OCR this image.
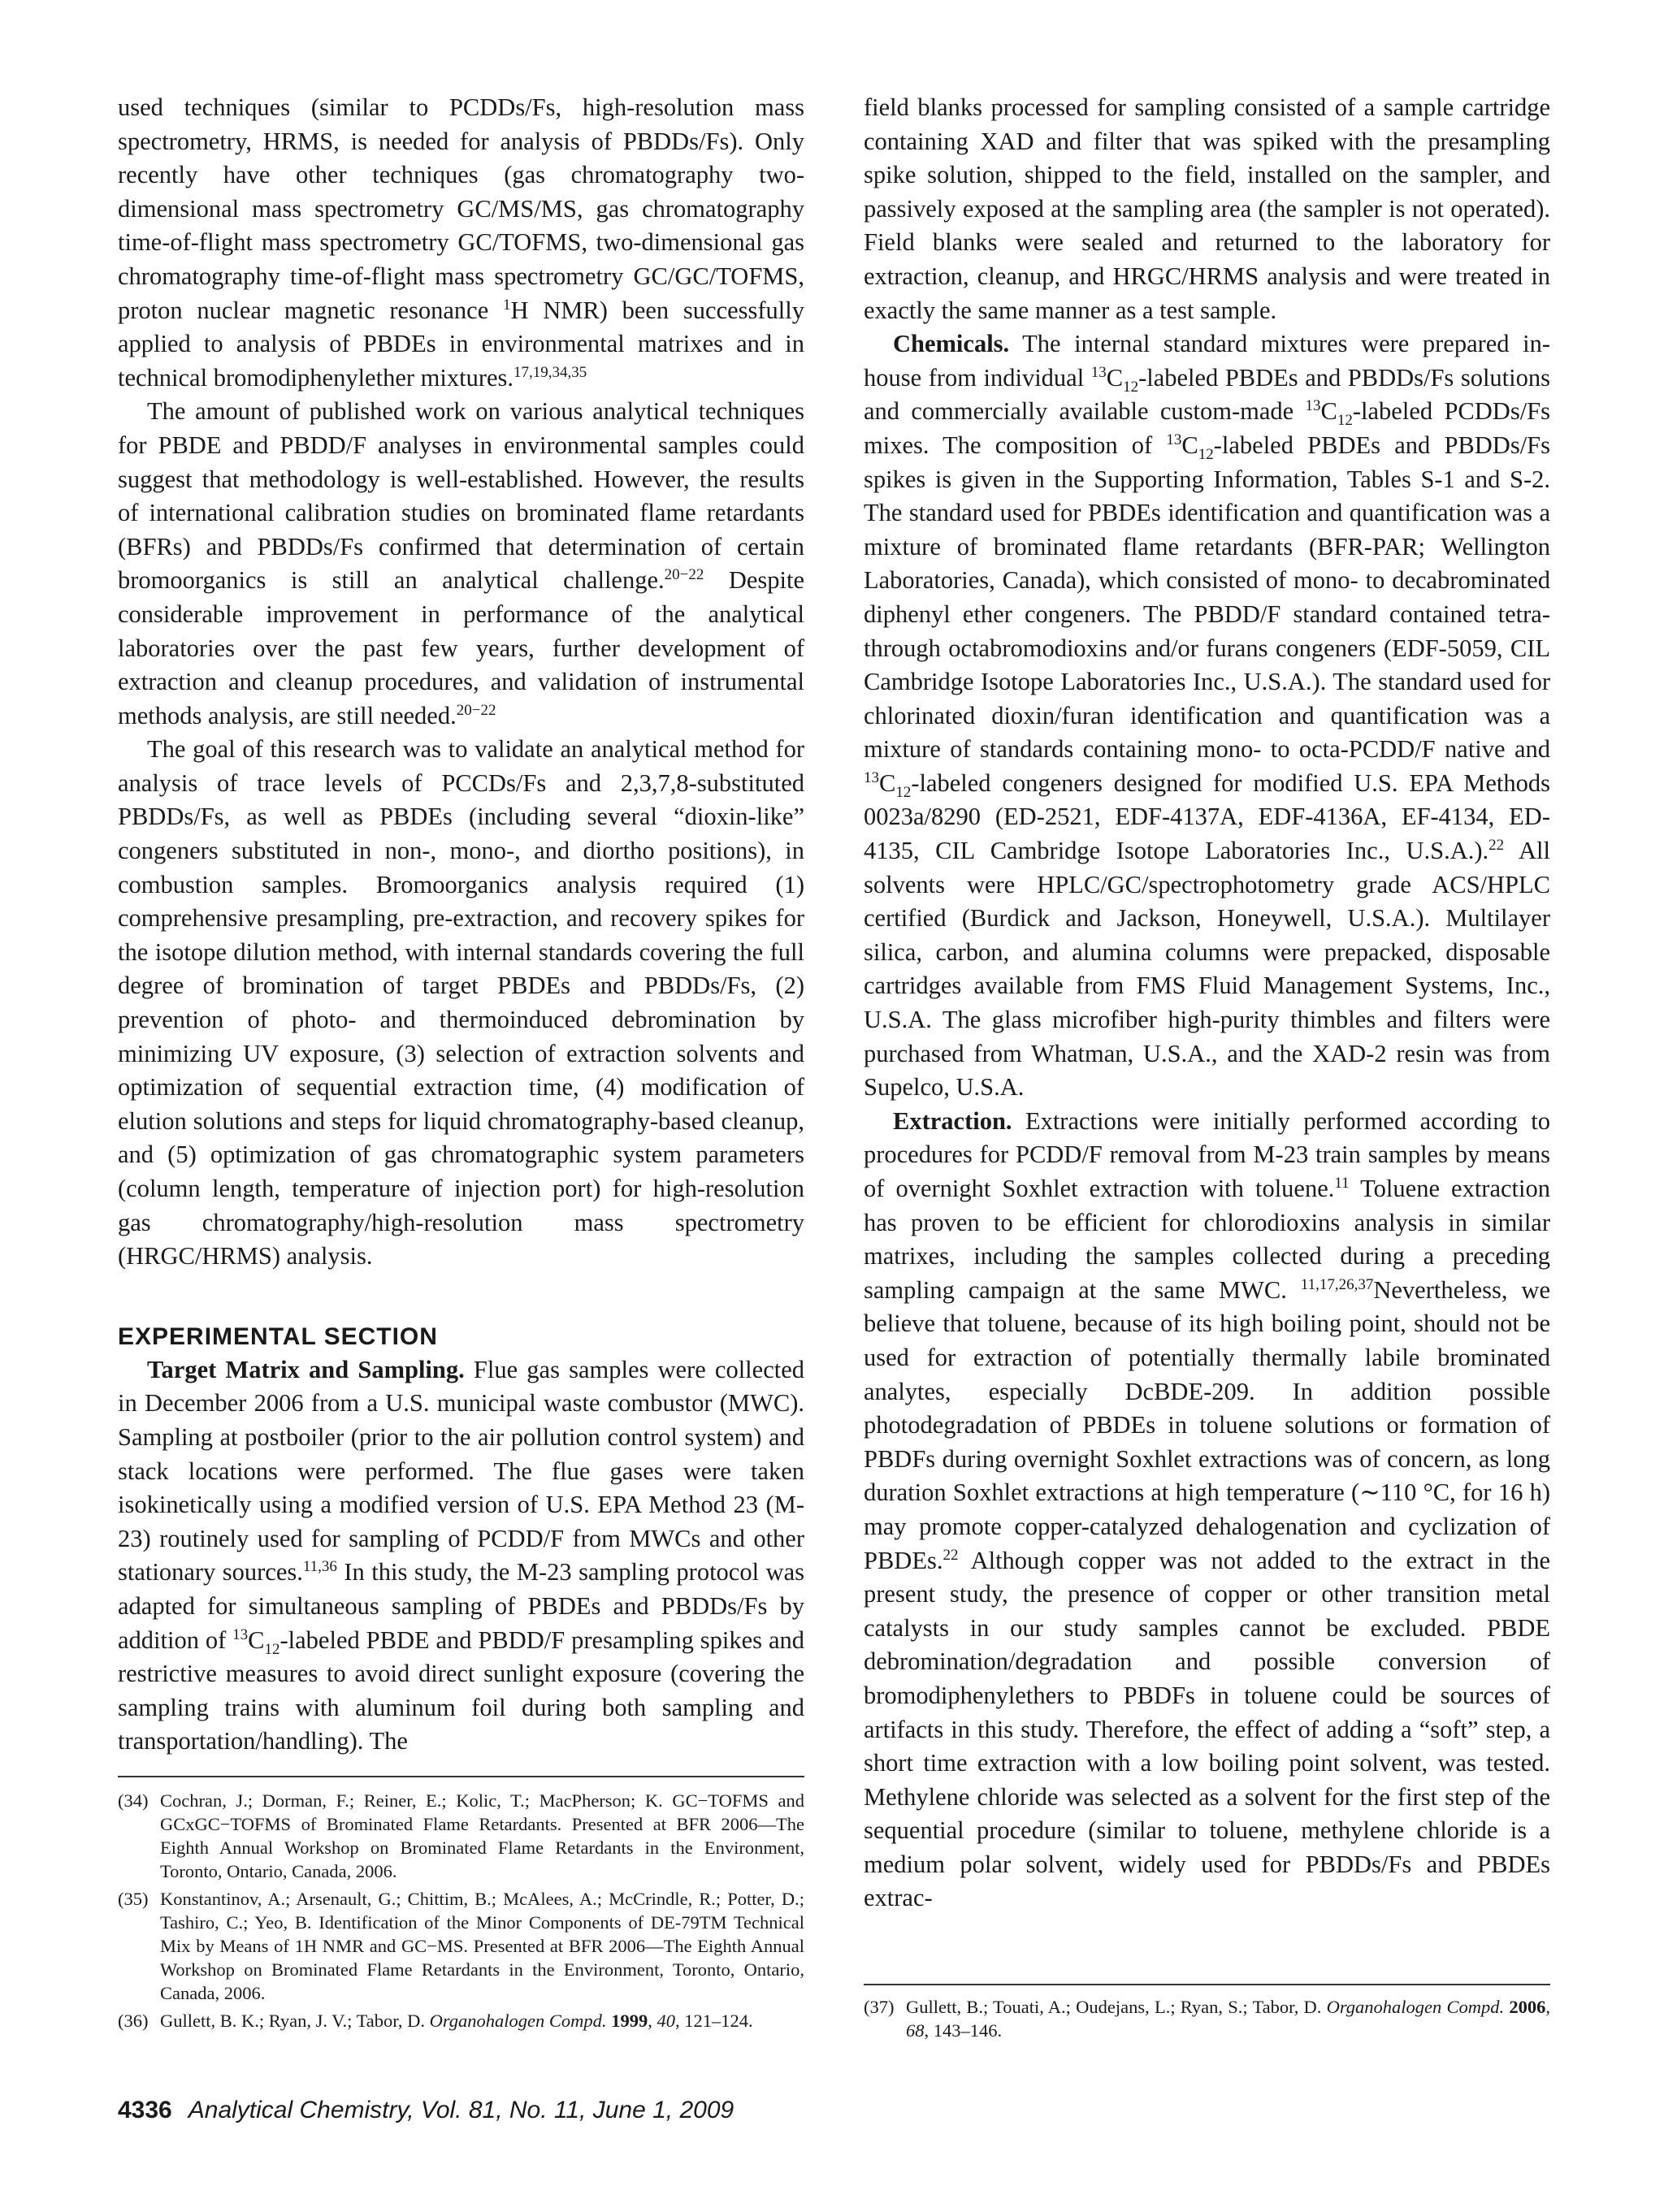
used techniques (similar to PCDDs/Fs, high-resolution mass spectrometry, HRMS, is needed for analysis of PBDDs/Fs). Only recently have other techniques (gas chromatography two-dimensional mass spectrometry GC/MS/MS, gas chromatography time-of-flight mass spectrometry GC/TOFMS, two-dimensional gas chromatography time-of-flight mass spectrometry GC/GC/TOFMS, proton nuclear magnetic resonance $^1$H NMR) been successfully applied to analysis of PBDEs in environmental matrixes and in technical bromodiphenylether mixtures.$^{17,19,34,35}$

The amount of published work on various analytical techniques for PBDE and PBDD/F analyses in environmental samples could suggest that methodology is well-established. However, the results of international calibration studies on brominated flame retardants (BFRs) and PBDDs/Fs confirmed that determination of certain bromoorganics is still an analytical challenge.$^{20-22}$ Despite considerable improvement in performance of the analytical laboratories over the past few years, further development of extraction and cleanup procedures, and validation of instrumental methods analysis, are still needed.$^{20-22}$

The goal of this research was to validate an analytical method for analysis of trace levels of PCCDs/Fs and 2,3,7,8-substituted PBDDs/Fs, as well as PBDEs (including several “dioxin-like” congeners substituted in non-, mono-, and diortho positions), in combustion samples. Bromoorganics analysis required (1) comprehensive presampling, pre-extraction, and recovery spikes for the isotope dilution method, with internal standards covering the full degree of bromination of target PBDEs and PBDDs/Fs, (2) prevention of photo- and thermoinduced debromination by minimizing UV exposure, (3) selection of extraction solvents and optimization of sequential extraction time, (4) modification of elution solutions and steps for liquid chromatography-based cleanup, and (5) optimization of gas chromatographic system parameters (column length, temperature of injection port) for high-resolution gas chromatography/high-resolution mass spectrometry (HRGC/HRMS) analysis.

EXPERIMENTAL SECTION

Target Matrix and Sampling. Flue gas samples were collected in December 2006 from a U.S. municipal waste combustor (MWC). Sampling at postboiler (prior to the air pollution control system) and stack locations were performed. The flue gases were taken isokinetically using a modified version of U.S. EPA Method 23 (M-23) routinely used for sampling of PCDD/F from MWCs and other stationary sources.$^{11,36}$ In this study, the M-23 sampling protocol was adapted for simultaneous sampling of PBDEs and PBDDs/Fs by addition of $^{13}C_{12}$-labeled PBDE and PBDD/F presampling spikes and restrictive measures to avoid direct sunlight exposure (covering the sampling trains with aluminum foil during both sampling and transportation/handling). The

field blanks processed for sampling consisted of a sample cartridge containing XAD and filter that was spiked with the presampling spike solution, shipped to the field, installed on the sampler, and passively exposed at the sampling area (the sampler is not operated). Field blanks were sealed and returned to the laboratory for extraction, cleanup, and HRGC/HRMS analysis and were treated in exactly the same manner as a test sample.

Chemicals. The internal standard mixtures were prepared in-house from individual $^{13}C_{12}$-labeled PBDEs and PBDDs/Fs solutions and commercially available custom-made $^{13}C_{12}$-labeled PCDDs/Fs mixes. The composition of $^{13}C_{12}$-labeled PBDEs and PBDDs/Fs spikes is given in the Supporting Information, Tables S-1 and S-2. The standard used for PBDEs identification and quantification was a mixture of brominated flame retardants (BFR-PAR; Wellington Laboratories, Canada), which consisted of mono- to decabrominated diphenyl ether congeners. The PBDD/F standard contained tetra- through octabromodioxins and/or furans congeners (EDF-5059, CIL Cambridge Isotope Laboratories Inc., U.S.A.). The standard used for chlorinated dioxin/furan identification and quantification was a mixture of standards containing mono- to octa-PCDD/F native and $^{13}C_{12}$-labeled congeners designed for modified U.S. EPA Methods 0023a/8290 (ED-2521, EDF-4137A, EDF-4136A, EF-4134, ED-4135, CIL Cambridge Isotope Laboratories Inc., U.S.A.).$^{22}$ All solvents were HPLC/GC/spectrophotometry grade ACS/HPLC certified (Burdick and Jackson, Honeywell, U.S.A.). Multilayer silica, carbon, and alumina columns were prepacked, disposable cartridges available from FMS Fluid Management Systems, Inc., U.S.A. The glass microfiber high-purity thimbles and filters were purchased from Whatman, U.S.A., and the XAD-2 resin was from Supelco, U.S.A.

Extraction. Extractions were initially performed according to procedures for PCDD/F removal from M-23 train samples by means of overnight Soxhlet extraction with toluene.$^{11}$ Toluene extraction has proven to be efficient for chlorodioxins analysis in similar matrixes, including the samples collected during a preceding sampling campaign at the same MWC. $^{11,17,26,37}$Nevertheless, we believe that toluene, because of its high boiling point, should not be used for extraction of potentially thermally labile brominated analytes, especially DcBDE-209. In addition possible photodegradation of PBDEs in toluene solutions or formation of PBDFs during overnight Soxhlet extractions was of concern, as long duration Soxhlet extractions at high temperature (∼110 °C, for 16 h) may promote copper-catalyzed dehalogenation and cyclization of PBDEs.$^{22}$ Although copper was not added to the extract in the present study, the presence of copper or other transition metal catalysts in our study samples cannot be excluded. PBDE debromination/degradation and possible conversion of bromodiphenylethers to PBDFs in toluene could be sources of artifacts in this study. Therefore, the effect of adding a “soft” step, a short time extraction with a low boiling point solvent, was tested. Methylene chloride was selected as a solvent for the first step of the sequential procedure (similar to toluene, methylene chloride is a medium polar solvent, widely used for PBDDs/Fs and PBDEs extrac-

(34) Cochran, J.; Dorman, F.; Reiner, E.; Kolic, T.; MacPherson; K. GC−TOFMS and GCxGC−TOFMS of Brominated Flame Retardants. Presented at BFR 2006—The Eighth Annual Workshop on Brominated Flame Retardants in the Environment, Toronto, Ontario, Canada, 2006.
(35) Konstantinov, A.; Arsenault, G.; Chittim, B.; McAlees, A.; McCrindle, R.; Potter, D.; Tashiro, C.; Yeo, B. Identification of the Minor Components of DE-79TM Technical Mix by Means of 1H NMR and GC−MS. Presented at BFR 2006—The Eighth Annual Workshop on Brominated Flame Retardants in the Environment, Toronto, Ontario, Canada, 2006.
(36) Gullett, B. K.; Ryan, J. V.; Tabor, D. Organohalogen Compd. 1999, 40, 121–124.
(37) Gullett, B.; Touati, A.; Oudejans, L.; Ryan, S.; Tabor, D. Organohalogen Compd. 2006, 68, 143–146.
4336 Analytical Chemistry, Vol. 81, No. 11, June 1, 2009
